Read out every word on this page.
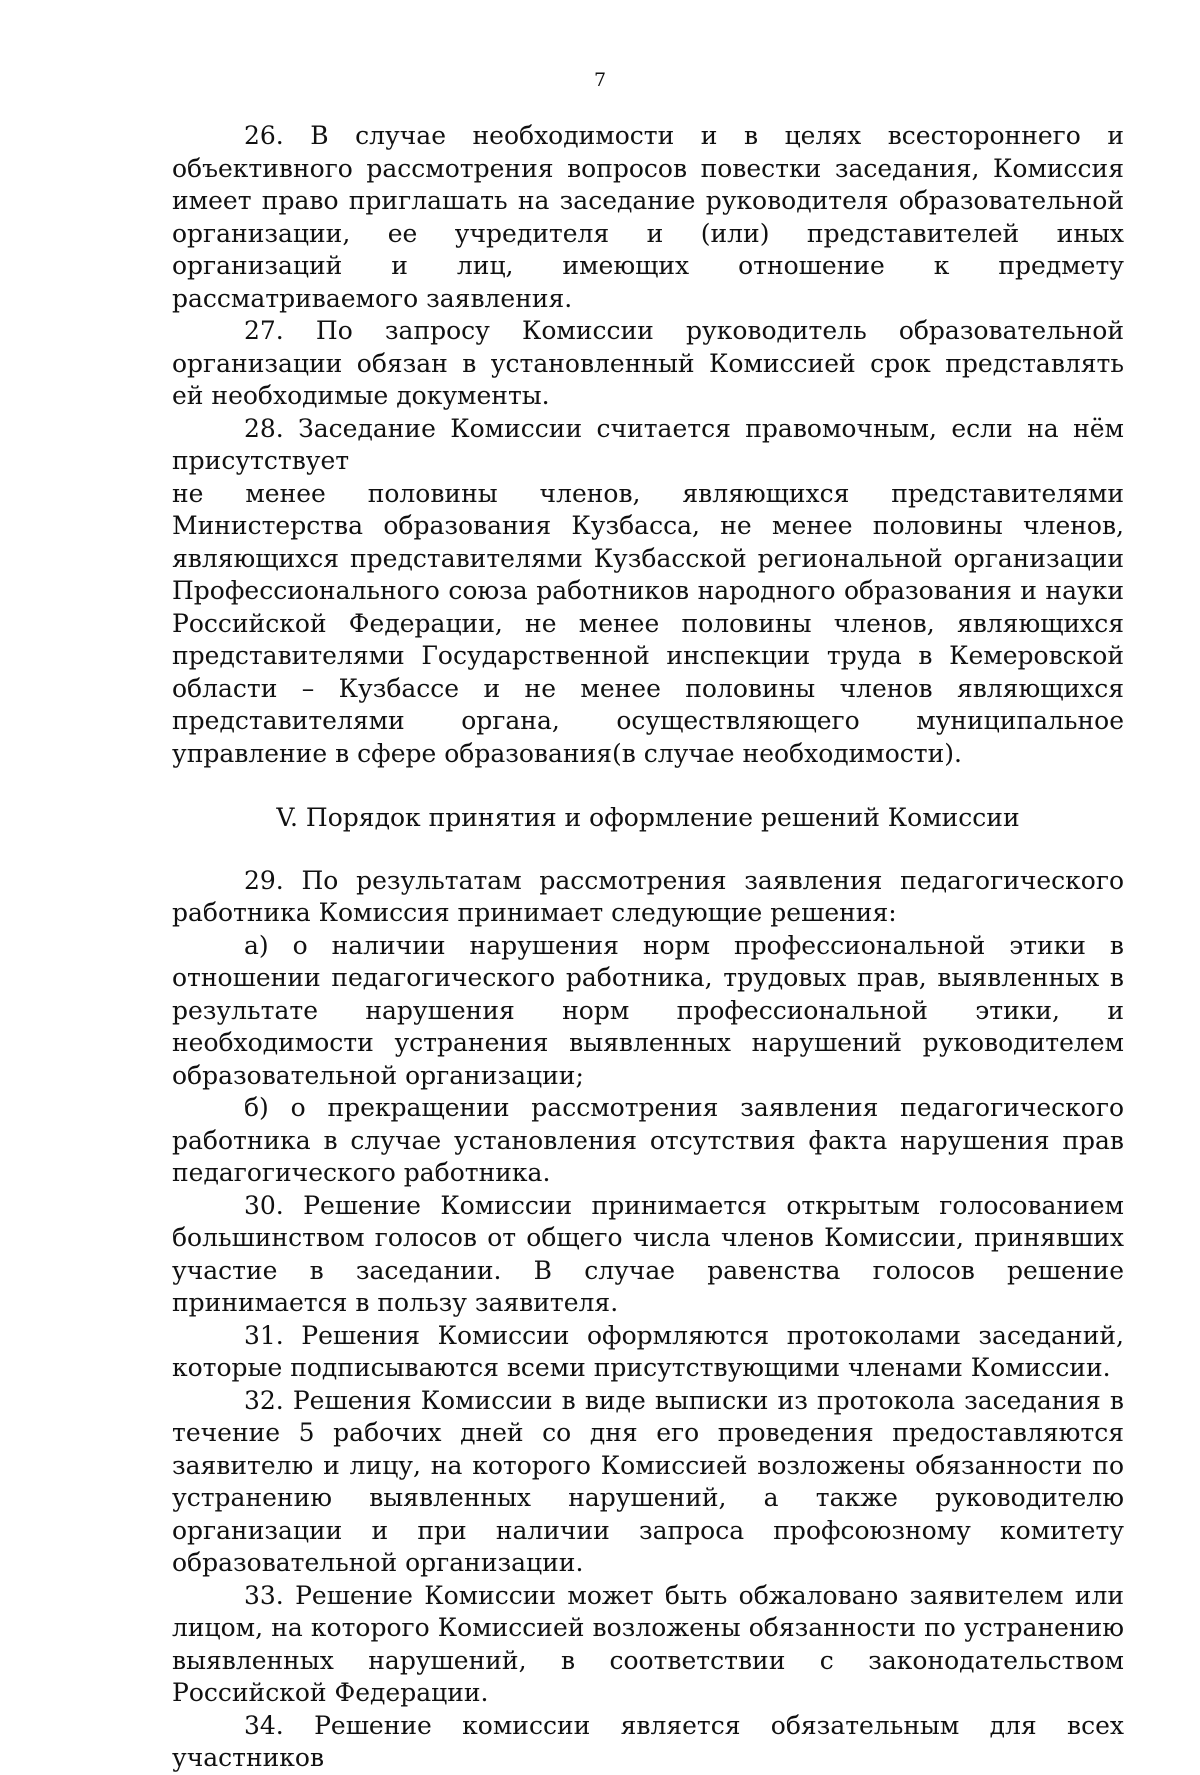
7

26. В случае необходимости и в целях всестороннего и объективного рассмотрения вопросов повестки заседания, Комиссия имеет право приглашать на заседание руководителя образовательной организации, ее учредителя и (или) представителей иных организаций и лиц, имеющих отношение к предмету рассматриваемого заявления.

27. По запросу Комиссии руководитель образовательной организации обязан в установленный Комиссией срок представлять ей необходимые документы.

28. Заседание Комиссии считается правомочным, если на нём присутствует

не менее половины членов, являющихся представителями Министерства образования Кузбасса, не менее половины членов, являющихся представителями Кузбасской региональной организации Профессионального союза работников народного образования и науки Российской Федерации, не менее половины членов, являющихся представителями Государственной инспекции труда в Кемеровской области – Кузбассе и не менее половины членов являющихся представителями органа, осуществляющего муниципальное управление в сфере образования(в случае необходимости).

V. Порядок принятия и оформление решений Комиссии

29. По результатам рассмотрения заявления педагогического работника Комиссия принимает следующие решения:

а) о наличии нарушения норм профессиональной этики в отношении педагогического работника, трудовых прав, выявленных в результате нарушения норм профессиональной этики, и необходимости устранения выявленных нарушений руководителем образовательной организации;

б) о прекращении рассмотрения заявления педагогического работника в случае установления отсутствия факта нарушения прав педагогического работника.

30. Решение Комиссии принимается открытым голосованием большинством голосов от общего числа членов Комиссии, принявших участие в заседании. В случае равенства голосов решение принимается в пользу заявителя.

31. Решения Комиссии оформляются протоколами заседаний, которые подписываются всеми присутствующими членами Комиссии.

32. Решения Комиссии в виде выписки из протокола заседания в течение 5 рабочих дней со дня его проведения предоставляются заявителю и лицу, на которого Комиссией возложены обязанности по устранению выявленных нарушений, а также руководителю организации и при наличии запроса профсоюзному комитету образовательной организации.

33. Решение Комиссии может быть обжаловано заявителем или лицом, на которого Комиссией возложены обязанности по устранению выявленных нарушений, в соответствии с законодательством Российской Федерации.

34. Решение комиссии является обязательным для всех участников
